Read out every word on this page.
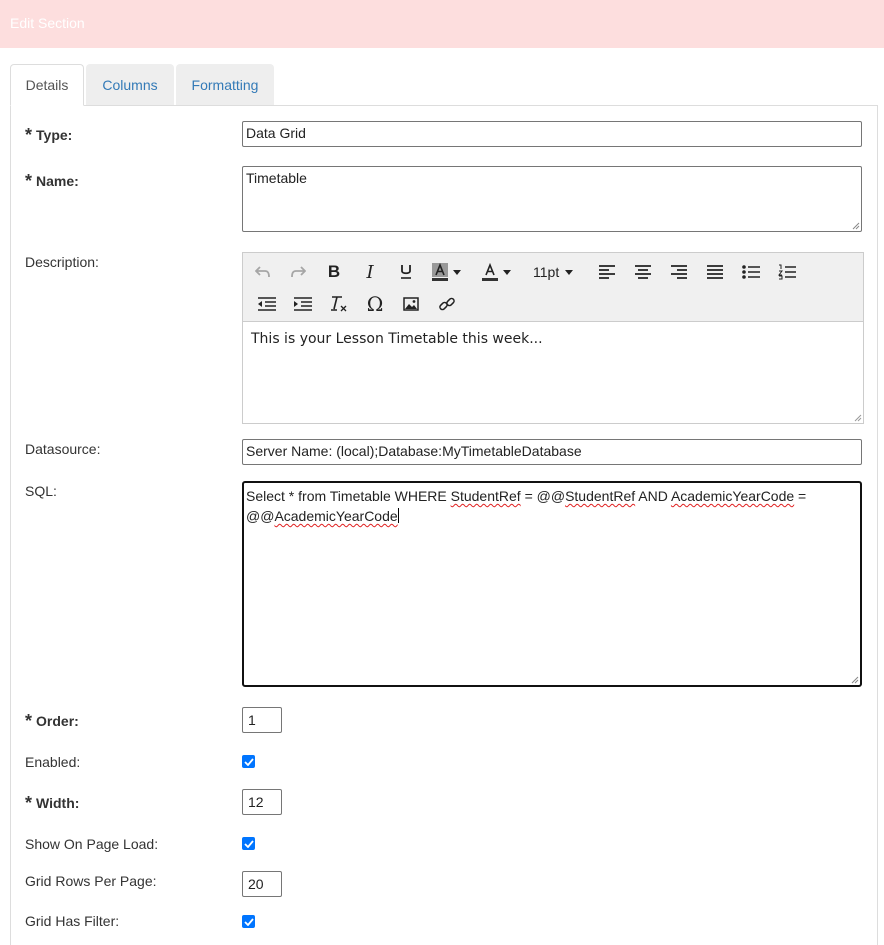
Edit Section
Details	Columns	Formatting
* Type:	Data Grid
* Name:	Timetable
Description:	B	I	11pt
Ω
This is your Lesson Timetable this week...
Datasource:	Server Name: (local);Database:MyTimetableDatabase
SQL:	Select * from Timetable WHERE StudentRef = @@StudentRef AND AcademicYearCode = @@AcademicYearCode
* Order:	1
Enabled:
* Width:	12
Show On Page Load:
Grid Rows Per Page:	20
Grid Has Filter:
